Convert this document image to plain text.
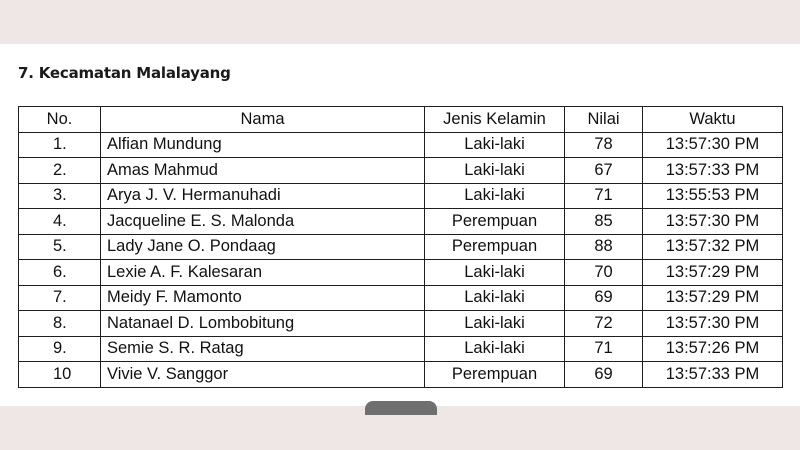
7. Kecamatan Malalayang
No.	Nama	Jenis Kelamin	Nilai	Waktu
1.	Alfian Mundung	Laki-laki	78	13:57:30 PM
2.	Amas Mahmud	Laki-laki	67	13:57:33 PM
3.	Arya J. V. Hermanuhadi	Laki-laki	71	13:55:53 PM
4.	Jacqueline E. S. Malonda	Perempuan	85	13:57:30 PM
5.	Lady Jane O. Pondaag	Perempuan	88	13:57:32 PM
6.	Lexie A. F. Kalesaran	Laki-laki	70	13:57:29 PM
7.	Meidy F. Mamonto	Laki-laki	69	13:57:29 PM
8.	Natanael D. Lombobitung	Laki-laki	72	13:57:30 PM
9.	Semie S. R. Ratag	Laki-laki	71	13:57:26 PM
10	Vivie V. Sanggor	Perempuan	69	13:57:33 PM
